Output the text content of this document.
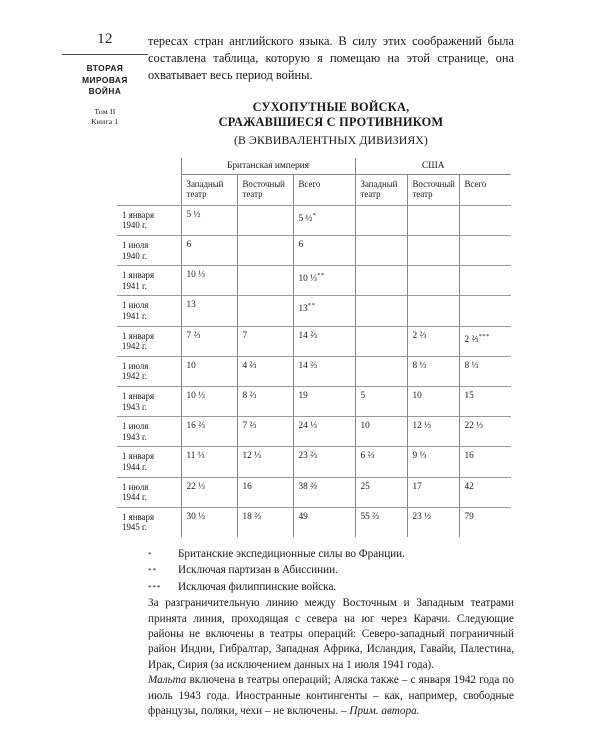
12
ВТОРАЯ
МИРОВАЯ
ВОЙНА
Том II
Книга 1

тересах стран английского языка. В силу этих соображений была составлена таблица, которую я помещаю на этой странице, она охватывает весь период войны.

СУХОПУТНЫЕ ВОЙСКА,
СРАЖАВШИЕСЯ С ПРОТИВНИКОМ
(В ЭКВИВАЛЕНТНЫХ ДИВИЗИЯХ)

	Британская империя			США		
	Западный театр	Восточный театр	Всего	Западный театр	Восточный театр	Всего

1 января
1940 г.	5 ½		5 ½*			
1 июля
1940 г.	6		6			
1 января
1941 г.	10 ⅓		10 ⅓**			
1 июля
1941 г.	13		13**			
1 января
1942 г.	7 ⅔	7	14 ⅔		2 ⅔	2 ⅔***
1 июля
1942 г.	10	4 ⅔	14 ⅔		8 ⅓	8 ⅓
1 января
1943 г.	10 ⅓	8 ⅔	19	5	10	15
1 июля
1943 г.	16 ⅔	7 ⅔	24 ⅓	10	12 ⅓	22 ⅓
1 января
1944 г.	11 ⅓	12 ⅓	23 ⅔	6 ⅔	9 ⅓	16
1 июля
1944 г.	22 ⅓	16	38 ⅔	25	17	42
1 января
1945 г.	30 ⅓	18 ⅔	49	55 ⅔	23 ⅓	79

*	Британские экспедиционные силы во Франции.
**	Исключая партизан в Абиссинии.
***	Исключая филиппинские войска.

За разграничительную линию между Восточным и Западным театрами принята линия, проходящая с севера на юг через Карачи. Следующие районы не включены в театры операций: Северо-западный пограничный район Индии, Гибралтар, Западная Африка, Исландия, Гавайи, Палестина, Ирак, Сирия (за исключением данных на 1 июля 1941 года).

Мальта включена в театры операций; Аляска также – с января 1942 года по июль 1943 года. Иностранные контингенты – как, например, свободные французы, поляки, чехи – не включены. – Прим. автора.
